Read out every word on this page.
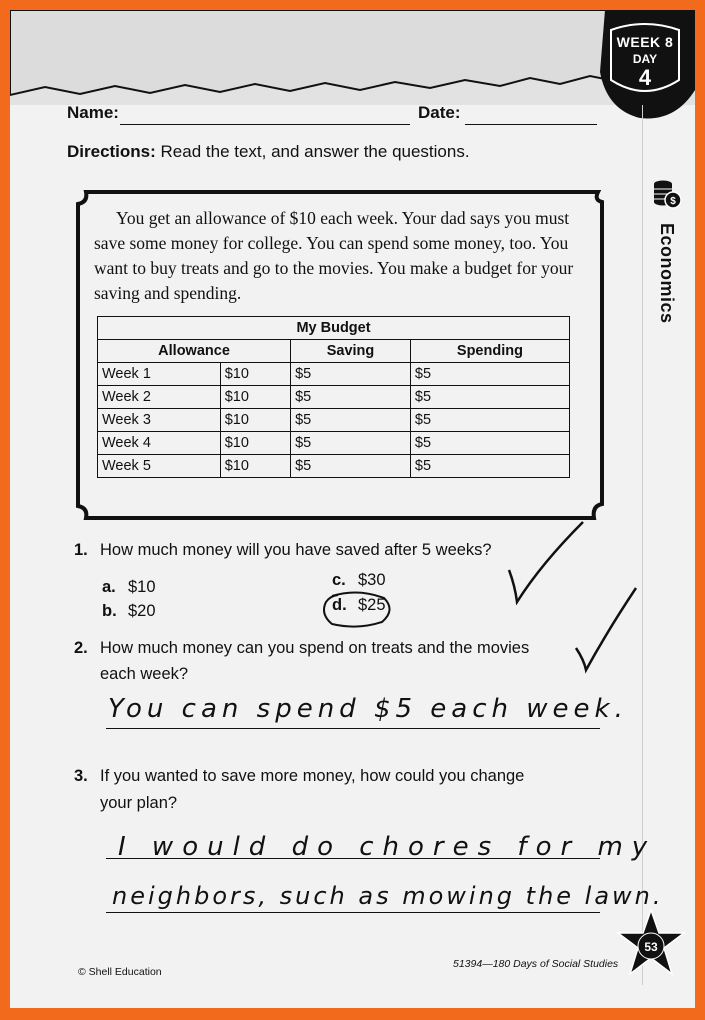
WEEK 8
DAY
4
Name:	Date:
Directions: Read the text, and answer the questions.
$
Economics
You get an allowance of $10 each week. Your dad says you must save some money for college. You can spend some money, too. You want to buy treats and go to the movies. You make a budget for your saving and spending.
My Budget			
Allowance		Saving	Spending
Week 1	$10	$5	$5
Week 2	$10	$5	$5
Week 3	$10	$5	$5
Week 4	$10	$5	$5
Week 5	$10	$5	$5
1. How much money will you have saved after 5 weeks?
a. $10
b. $20
c. $30
d. $25
2. How much money can you spend on treats and the movies
each week?
You can spend $5 each week.
3. If you wanted to save more money, how could you change
your plan?
I would do chores for my
neighbors, such as mowing the lawn.
© Shell Education
51394—180 Days of Social Studies
53
